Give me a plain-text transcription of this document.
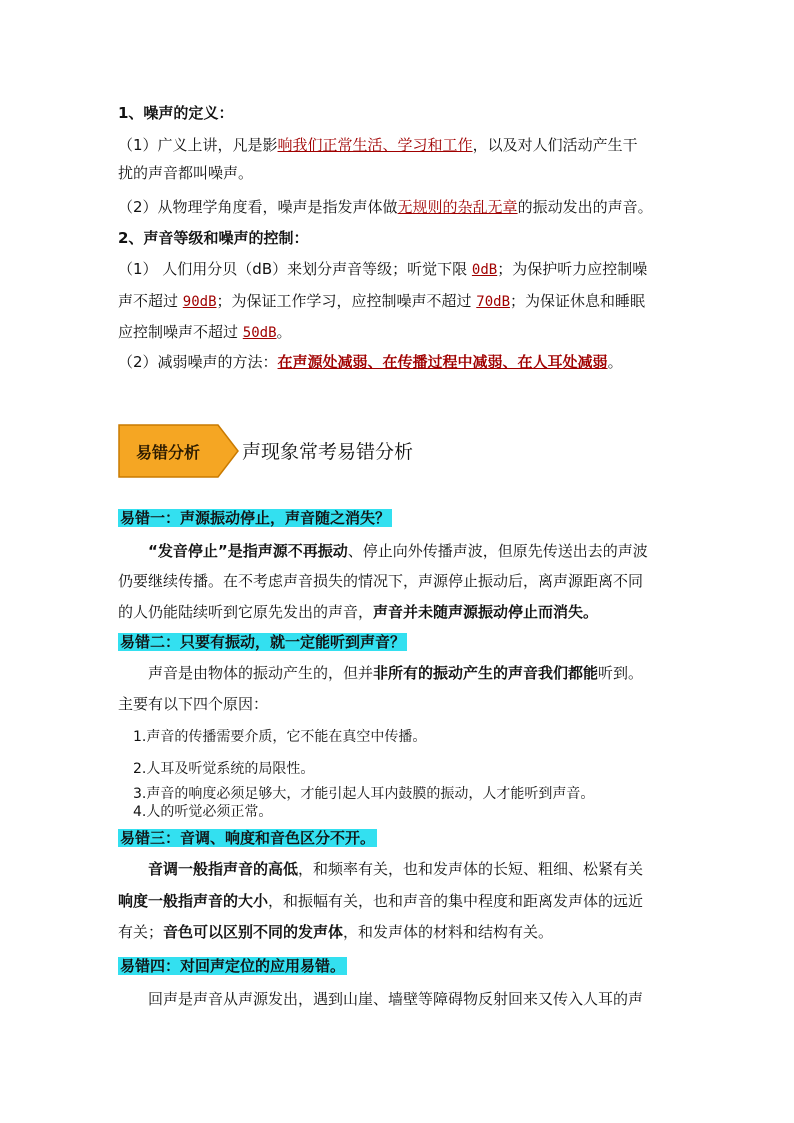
1、噪声的定义：
（1）广义上讲，凡是影响我们正常生活、学习和工作，以及对人们活动产生干
扰的声音都叫噪声。
（2）从物理学角度看，噪声是指发声体做无规则的杂乱无章的振动发出的声音。
2、声音等级和噪声的控制：
（1） 人们用分贝（dB）来划分声音等级；听觉下限 0dB；为保护听力应控制噪
声不超过 90dB；为保证工作学习，应控制噪声不超过 70dB；为保证休息和睡眠
应控制噪声不超过 50dB。
（2）减弱噪声的方法：在声源处减弱、在传播过程中减弱、在人耳处减弱。
易错分析	声现象常考易错分析
易错一：声源振动停止，声音随之消失？
“发音停止”是指声源不再振动、停止向外传播声波，但原先传送出去的声波
仍要继续传播。在不考虑声音损失的情况下，声源停止振动后，离声源距离不同
的人仍能陆续听到它原先发出的声音，声音并未随声源振动停止而消失。
易错二：只要有振动，就一定能听到声音？
声音是由物体的振动产生的，但并非所有的振动产生的声音我们都能听到。
主要有以下四个原因：
1.声音的传播需要介质，它不能在真空中传播。
2.人耳及听觉系统的局限性。
3.声音的响度必须足够大，才能引起人耳内鼓膜的振动，人才能听到声音。
4.人的听觉必须正常。
易错三：音调、响度和音色区分不开。
音调一般指声音的高低，和频率有关，也和发声体的长短、粗细、松紧有关
响度一般指声音的大小，和振幅有关，也和声音的集中程度和距离发声体的远近
有关；音色可以区别不同的发声体，和发声体的材料和结构有关。
易错四：对回声定位的应用易错。
回声是声音从声源发出，遇到山崖、墙壁等障碍物反射回来又传入人耳的声
